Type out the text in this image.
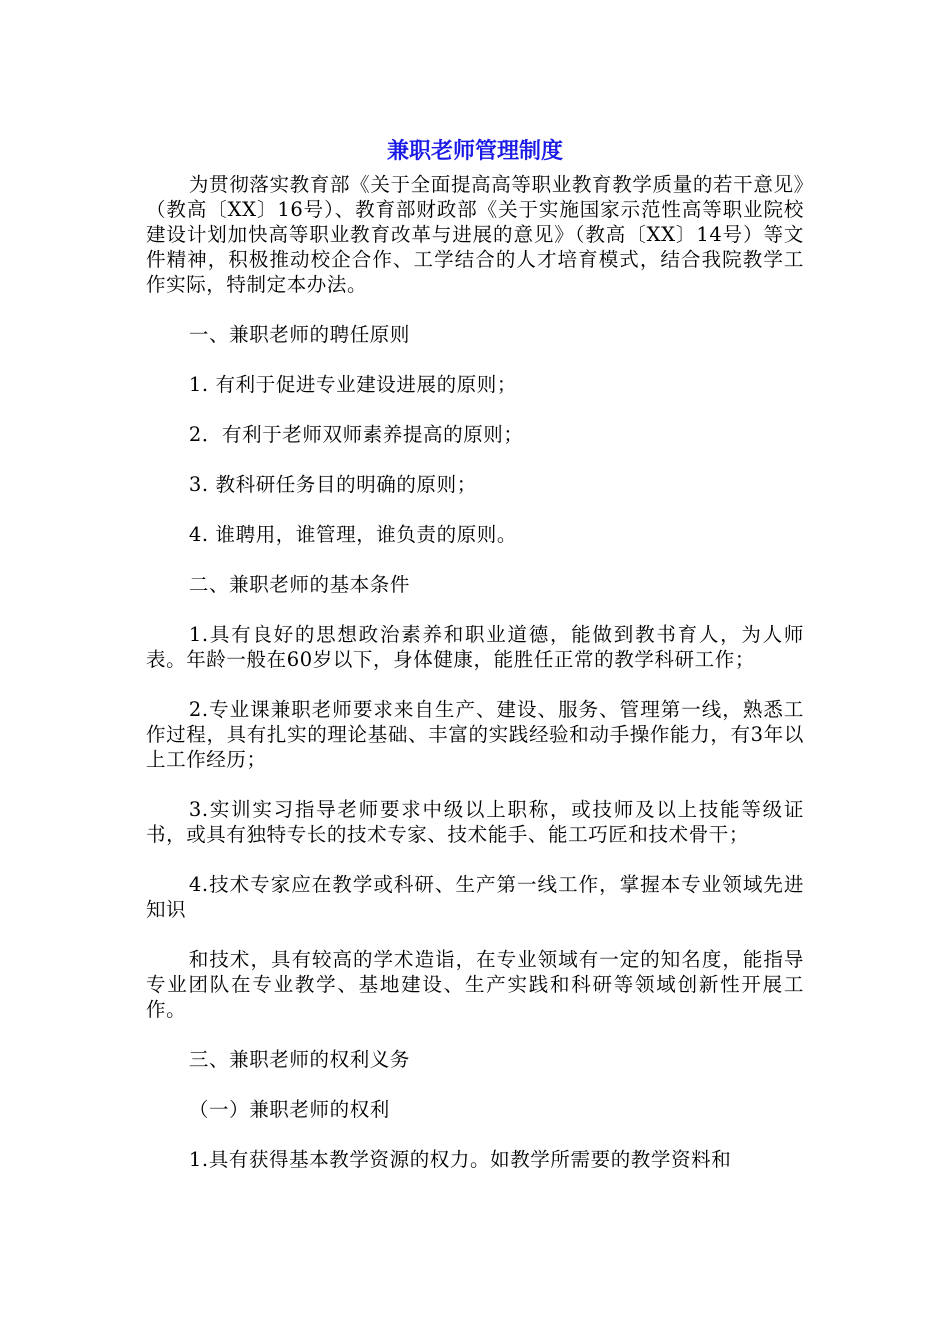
兼职老师管理制度

为贯彻落实教育部《关于全面提高高等职业教育教学质量的若干意见》（教高〔XX〕16号）、教育部财政部《关于实施国家示范性高等职业院校建设计划加快高等职业教育改革与进展的意见》（教高〔XX〕14号）等文件精神，积极推动校企合作、工学结合的人才培育模式，结合我院教学工作实际，特制定本办法。

一、兼职老师的聘任原则

1. 有利于促进专业建设进展的原则；

2．有利于老师双师素养提高的原则；

3. 教科研任务目的明确的原则；

4. 谁聘用，谁管理，谁负责的原则。

二、兼职老师的基本条件

1.具有良好的思想政治素养和职业道德，能做到教书育人，为人师表。年龄一般在60岁以下，身体健康，能胜任正常的教学科研工作；

2.专业课兼职老师要求来自生产、建设、服务、管理第一线，熟悉工作过程，具有扎实的理论基础、丰富的实践经验和动手操作能力，有3年以上工作经历；

3.实训实习指导老师要求中级以上职称，或技师及以上技能等级证书，或具有独特专长的技术专家、技术能手、能工巧匠和技术骨干；

4.技术专家应在教学或科研、生产第一线工作，掌握本专业领域先进知识

和技术，具有较高的学术造诣，在专业领域有一定的知名度，能指导专业团队在专业教学、基地建设、生产实践和科研等领域创新性开展工作。

三、兼职老师的权利义务

（一）兼职老师的权利

1.具有获得基本教学资源的权力。如教学所需要的教学资料和
